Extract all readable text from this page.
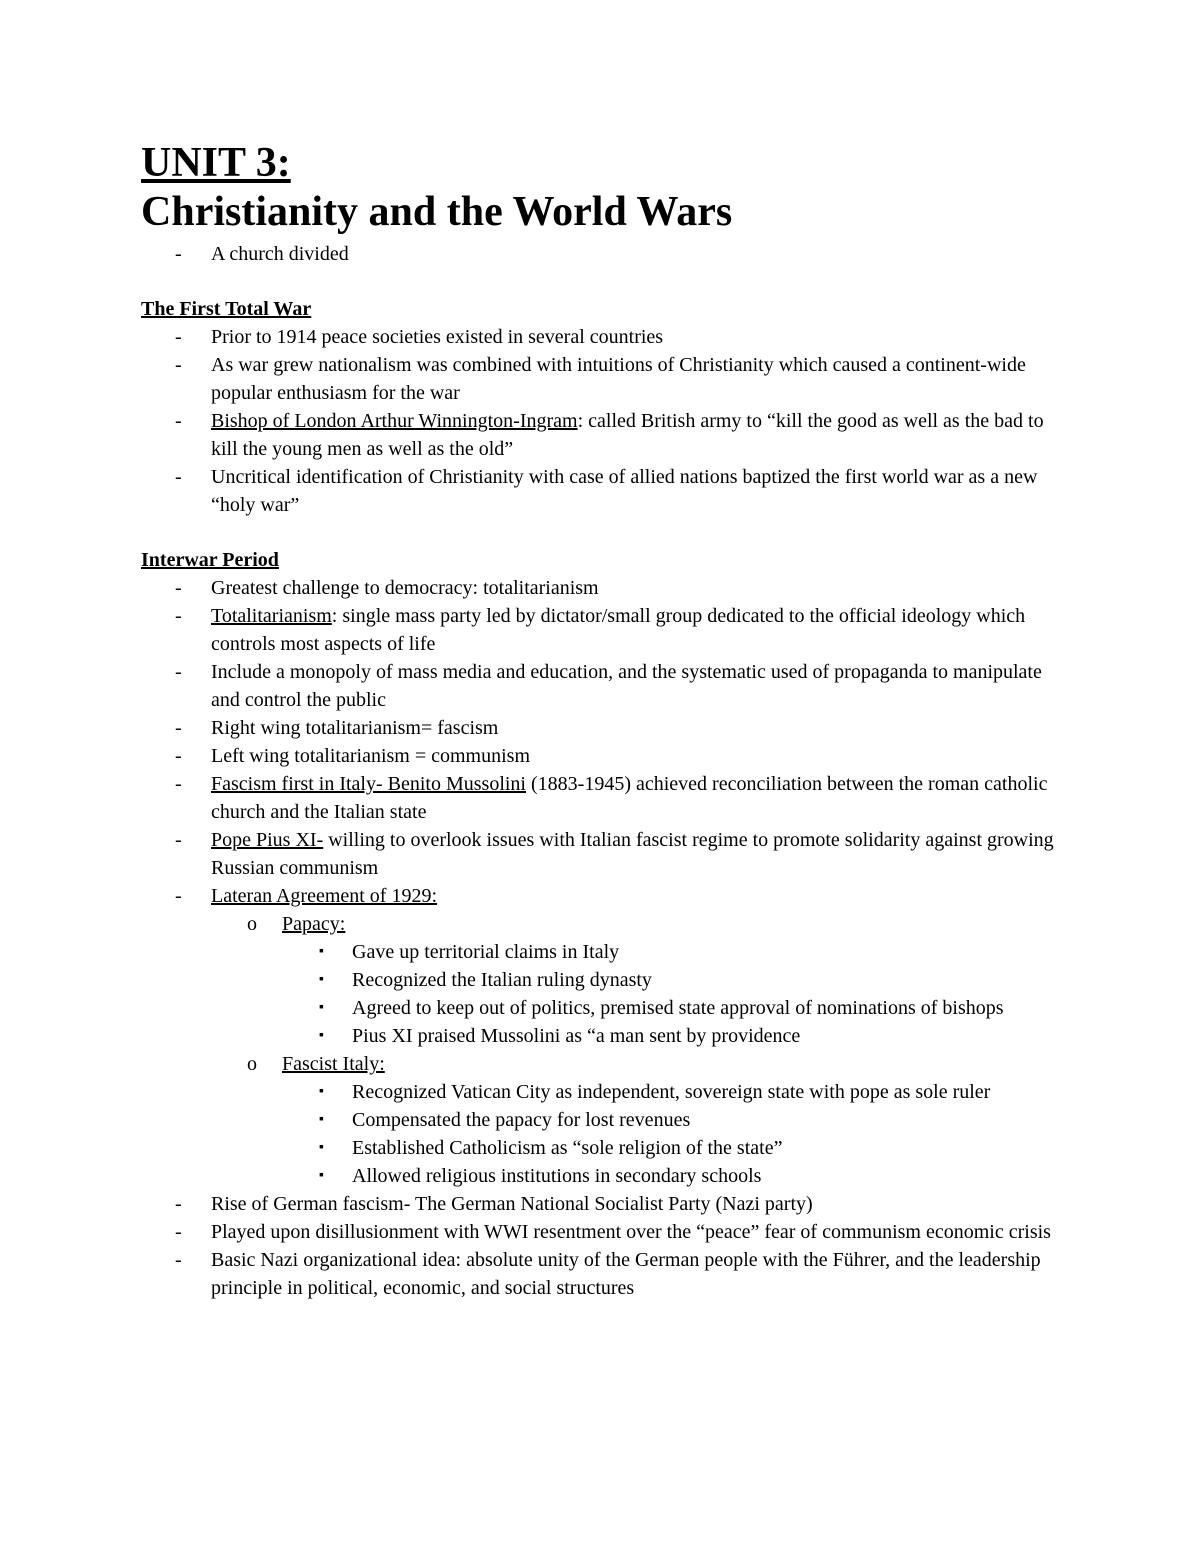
UNIT 3:
Christianity and the World Wars
- A church divided
The First Total War
- Prior to 1914 peace societies existed in several countries
- As war grew nationalism was combined with intuitions of Christianity which caused a continent-wide popular enthusiasm for the war
- Bishop of London Arthur Winnington-Ingram: called British army to “kill the good as well as the bad to kill the young men as well as the old”
- Uncritical identification of Christianity with case of allied nations baptized the first world war as a new “holy war”
Interwar Period
- Greatest challenge to democracy: totalitarianism
- Totalitarianism: single mass party led by dictator/small group dedicated to the official ideology which controls most aspects of life
- Include a monopoly of mass media and education, and the systematic used of propaganda to manipulate and control the public
- Right wing totalitarianism= fascism
- Left wing totalitarianism = communism
- Fascism first in Italy- Benito Mussolini (1883-1945) achieved reconciliation between the roman catholic church and the Italian state
- Pope Pius XI- willing to overlook issues with Italian fascist regime to promote solidarity against growing Russian communism
- Lateran Agreement of 1929:
o Papacy:
▪ Gave up territorial claims in Italy
▪ Recognized the Italian ruling dynasty
▪ Agreed to keep out of politics, premised state approval of nominations of bishops
▪ Pius XI praised Mussolini as “a man sent by providence
o Fascist Italy:
▪ Recognized Vatican City as independent, sovereign state with pope as sole ruler
▪ Compensated the papacy for lost revenues
▪ Established Catholicism as “sole religion of the state”
▪ Allowed religious institutions in secondary schools
- Rise of German fascism- The German National Socialist Party (Nazi party)
- Played upon disillusionment with WWI resentment over the “peace” fear of communism economic crisis
- Basic Nazi organizational idea: absolute unity of the German people with the Führer, and the leadership principle in political, economic, and social structures
